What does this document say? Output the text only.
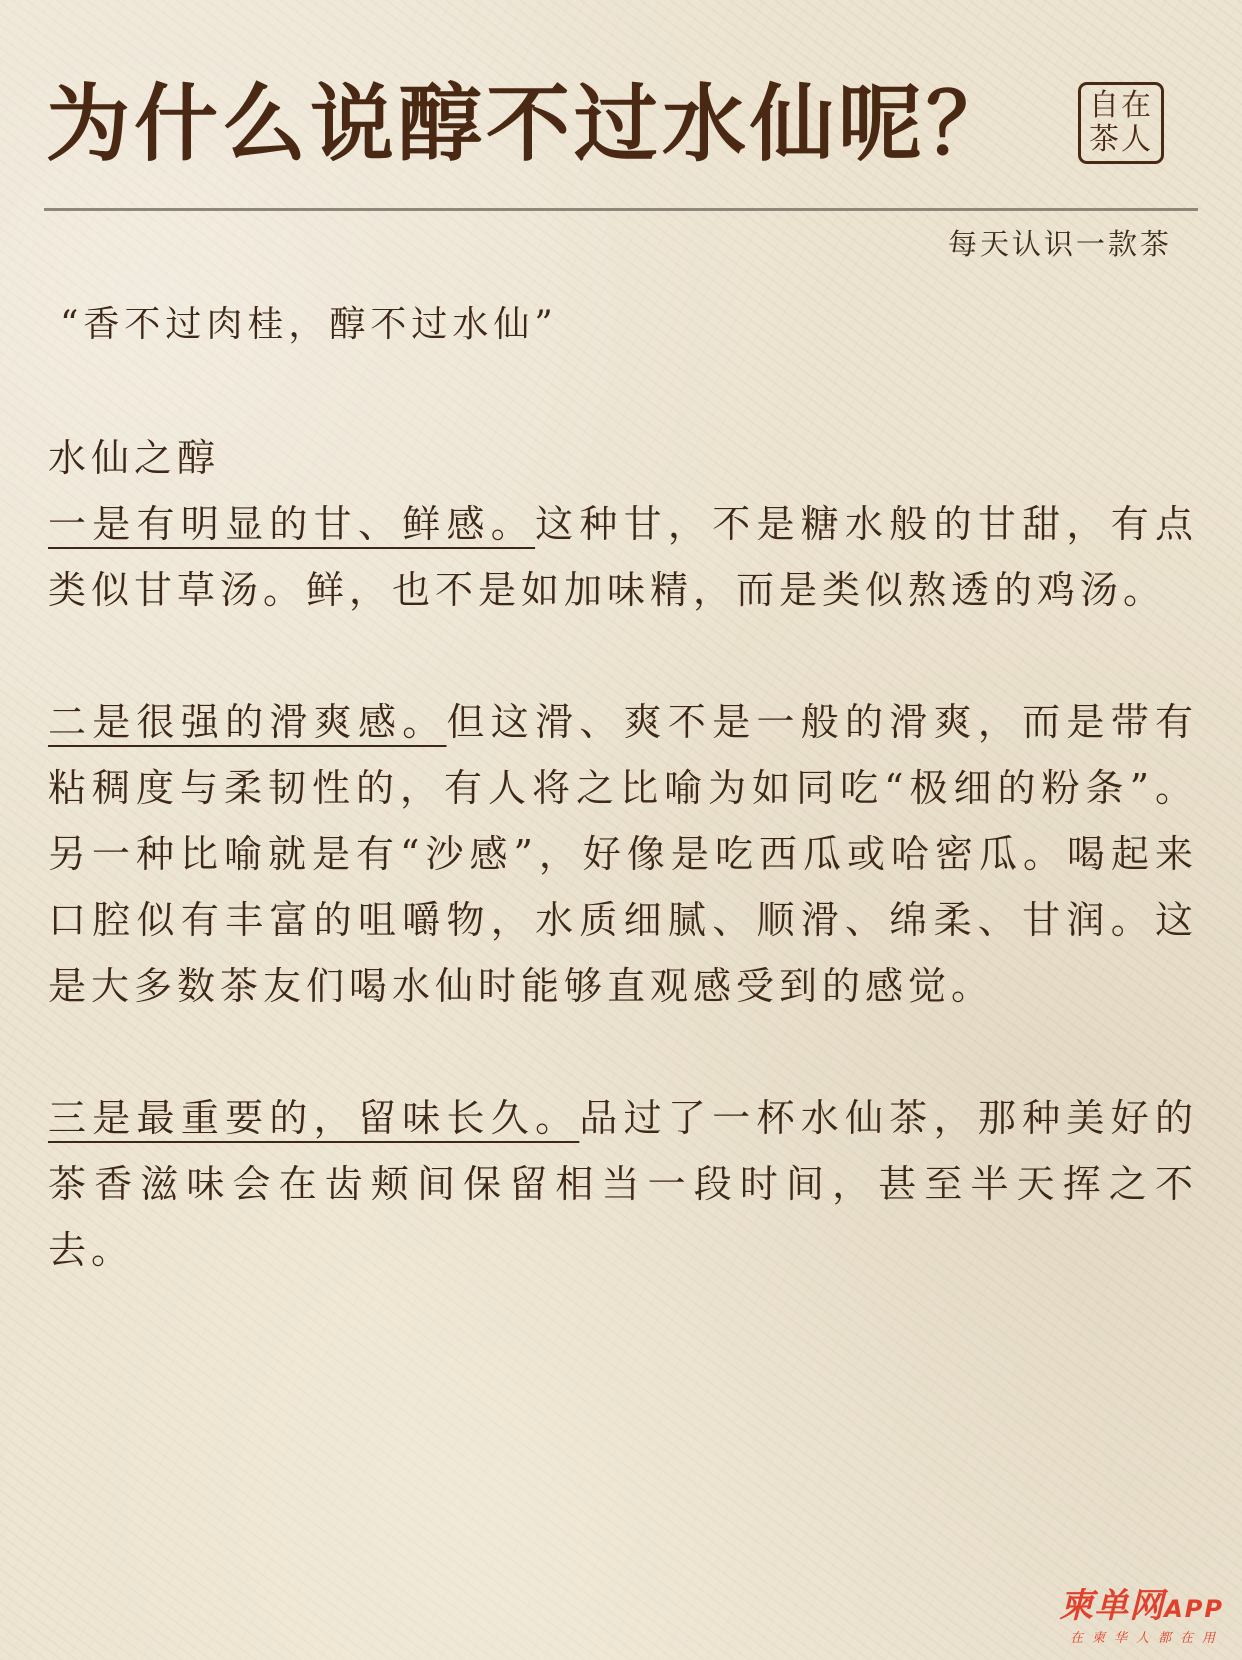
为什么说醇不过水仙呢？ 自在
茶人
每天认识一款茶
“香不过肉桂，醇不过水仙”

水仙之醇

一是有明显的甘、鲜感。这种甘，不是糖水般的甘甜，有点类似甘草汤。鲜，也不是如加味精，而是类似熬透的鸡汤。

二是很强的滑爽感。但这滑、爽不是一般的滑爽，而是带有粘稠度与柔韧性的，有人将之比喻为如同吃“极细的粉条”。另一种比喻就是有“沙感”，好像是吃西瓜或哈密瓜。喝起来口腔似有丰富的咀嚼物，水质细腻、顺滑、绵柔、甘润。这是大多数茶友们喝水仙时能够直观感受到的感觉。

三是最重要的，留味长久。品过了一杯水仙茶，那种美好的茶香滋味会在齿颊间保留相当一段时间，甚至半天挥之不去。

柬单网APP
在柬华人都在用
